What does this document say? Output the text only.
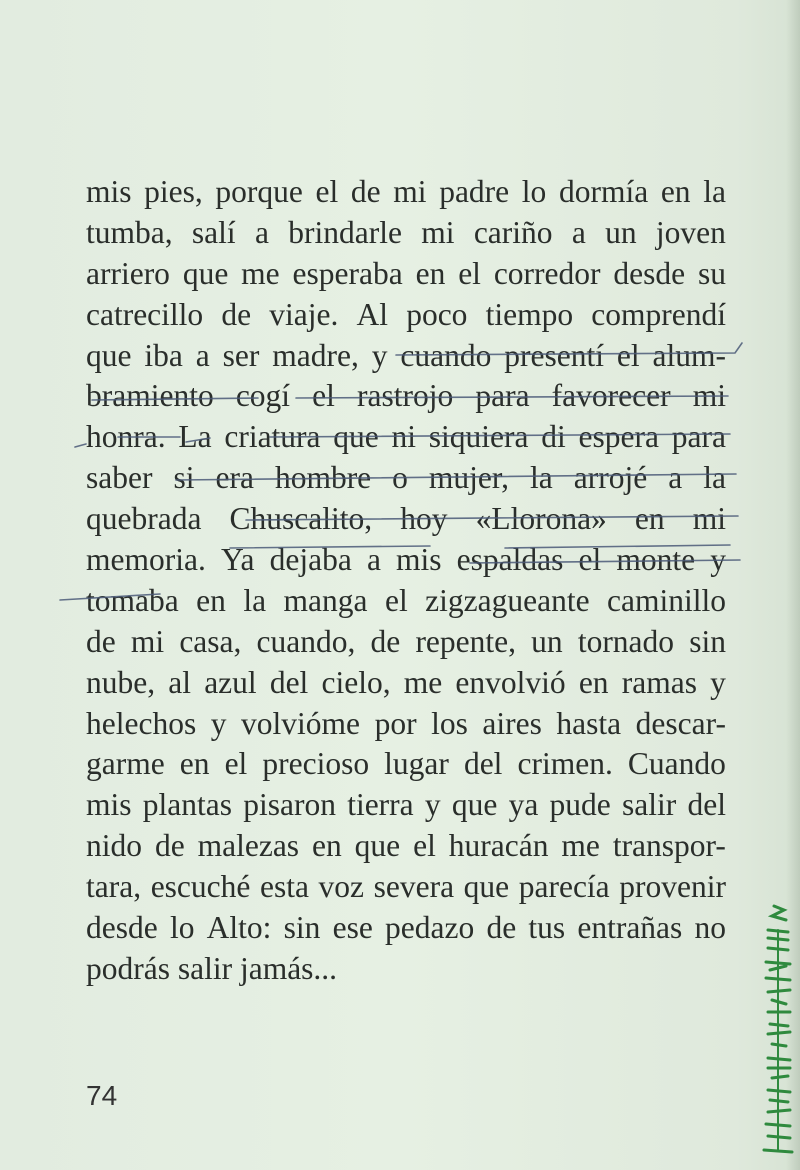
mis pies, porque el de mi padre lo dormía en la
tumba, salí a brindarle mi cariño a un joven
arriero que me esperaba en el corredor desde su
catrecillo de viaje. Al poco tiempo comprendí
que iba a ser madre, y cuando presentí el alum-
bramiento cogí el rastrojo para favorecer mi
honra. La criatura que ni siquiera di espera para
saber si era hombre o mujer, la arrojé a la
quebrada Chuscalito, hoy «Llorona» en mi
memoria. Ya dejaba a mis espaldas el monte y
tomaba en la manga el zigzagueante caminillo
de mi casa, cuando, de repente, un tornado sin
nube, al azul del cielo, me envolvió en ramas y
helechos y volvióme por los aires hasta descar-
garme en el precioso lugar del crimen. Cuando
mis plantas pisaron tierra y que ya pude salir del
nido de malezas en que el huracán me transpor-
tara, escuché esta voz severa que parecía provenir
desde lo Alto: sin ese pedazo de tus entrañas no
podrás salir jamás...
74
